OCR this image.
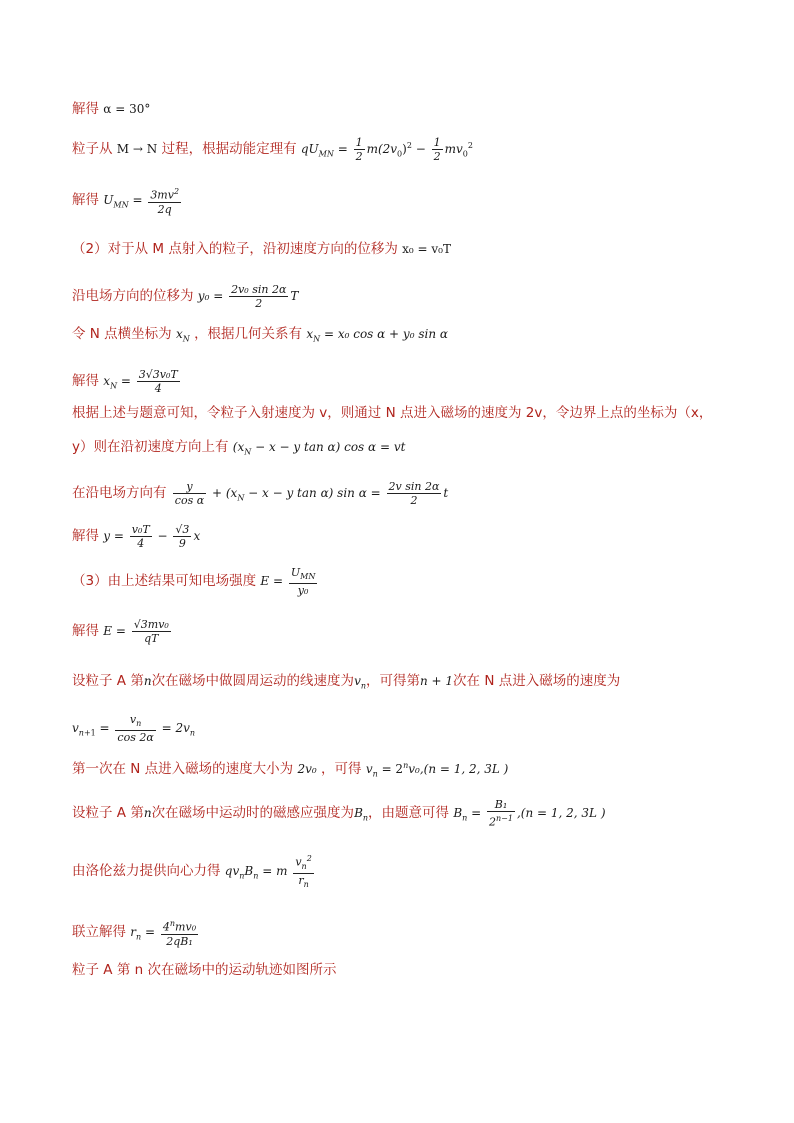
解得 α = 30°
粒子从 M → N 过程，根据动能定理有 $qU_{MN} = \frac{1}{2} m(2v_0)^2 - \frac{1}{2} mv_0^2$
解得 $U_{MN} = \frac{3mv^2}{2q}$
（2）对于从 M 点射入的粒子，沿初速度方向的位移为 x₀ = v₀T
沿电场方向的位移为 $y_0 = \frac{\text{2v₀ sin 2α}}{2}$ T
令 N 点横坐标为 $x_N$ ，根据几何关系有 $x_N = x_0$ cos α + y₀ sin α
解得 $x_N = \frac{\text{3√3v₀T}}{4}$
根据上述与题意可知，令粒子入射速度为 v，则通过 N 点进入磁场的速度为 2v，令边界上点的坐标为（x，
y）则在沿初速度方向上有 ($x_N - x - y$ tan α) cos α = vt
在沿电场方向有 $\frac{y}{\text{cos α}} + (x_N - x - y$ tan α) $\sin \alpha = \frac{\text{2v sin 2α}}{2}$ t
解得 $y = \frac{\text{v₀T}}{4} - \frac{√3}{9}$ x
（3）由上述结果可知电场强度 $E = \frac{U_{MN}}{\text{y₀}}$
解得 $E = \frac{\text{√3mv₀}}{qT}$
设粒子 A 第n次在磁场中做圆周运动的线速度为$v_n$，可得第n + 1次在 N 点进入磁场的速度为
$v_{n+1} = \frac{v_n}{\cos 2\alpha} = 2v_n$
第一次在 N 点进入磁场的速度大小为 2v₀ ，可得 $v_n = 2^nv_0,(n = 1$, 2, 3L )
设粒子 A 第n次在磁场中运动时的磁感应强度为$B_n$，由题意可得 $B_n = \frac{\text{B₁}}{2^{n-1}} ,(n = 1$, 2, 3L )
由洛伦兹力提供向心力得 $qv_nB_n = m \frac{v_n^2}{r_n}$
联立解得 $r_n = \frac{4^nmv_0}{\text{2qB₁}}$
粒子 A 第 n 次在磁场中的运动轨迹如图所示
